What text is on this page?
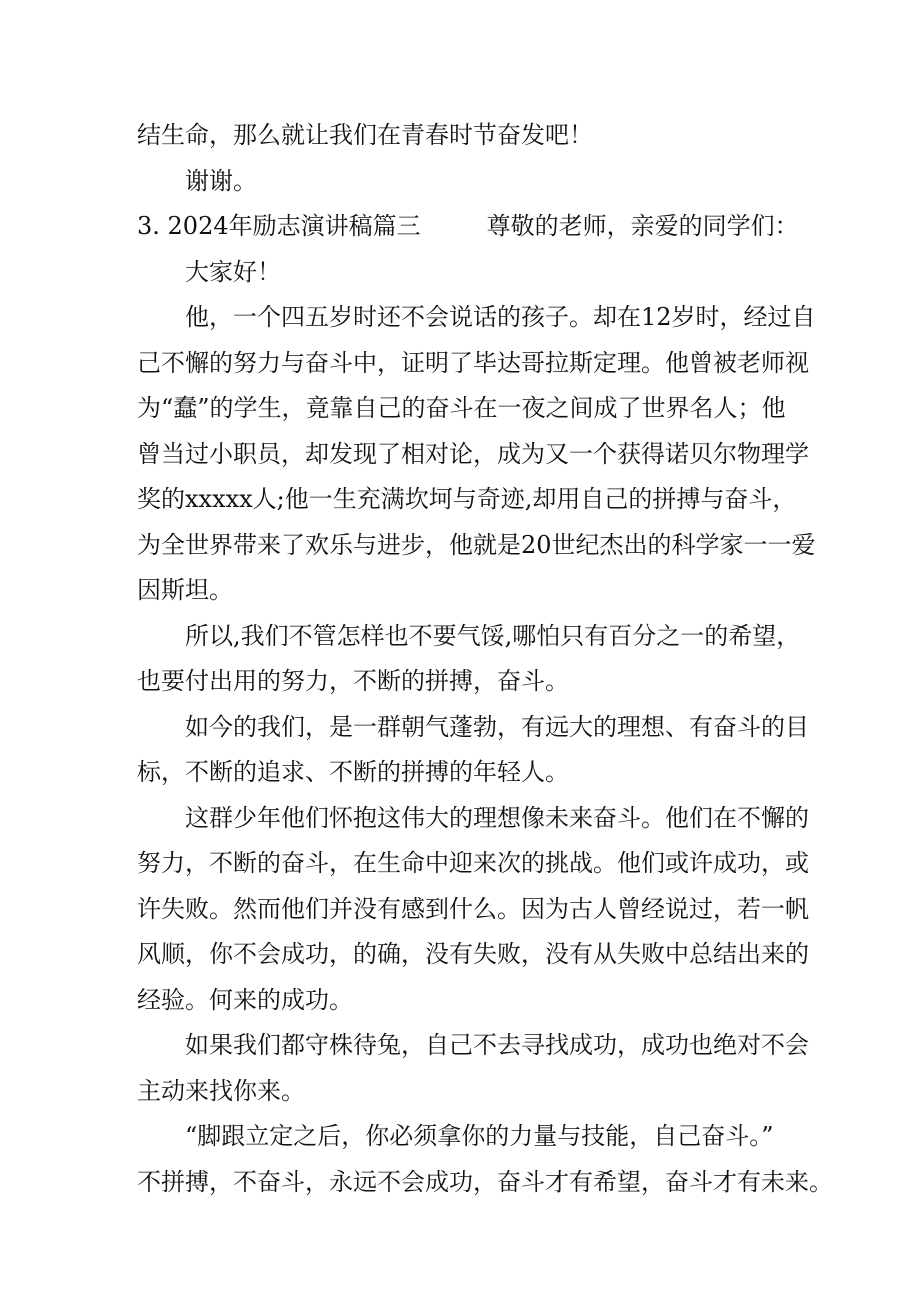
结生命，那么就让我们在青春时节奋发吧！
谢谢。
3. 2024年励志演讲稿篇三	尊敬的老师，亲爱的同学们：
大家好！
他，一个四五岁时还不会说话的孩子。却在12岁时，经过自
己不懈的努力与奋斗中，证明了毕达哥拉斯定理。他曾被老师视
为“蠢”的学生，竟靠自己的奋斗在一夜之间成了世界名人；他
曾当过小职员，却发现了相对论，成为又一个获得诺贝尔物理学
奖的xxxxx人;他一生充满坎坷与奇迹,却用自己的拼搏与奋斗，
为全世界带来了欢乐与进步，他就是20世纪杰出的科学家一一爱
因斯坦。
所以,我们不管怎样也不要气馁,哪怕只有百分之一的希望，
也要付出用的努力，不断的拼搏，奋斗。
如今的我们，是一群朝气蓬勃，有远大的理想、有奋斗的目
标，不断的追求、不断的拼搏的年轻人。
这群少年他们怀抱这伟大的理想像未来奋斗。他们在不懈的
努力，不断的奋斗，在生命中迎来次的挑战。他们或许成功，或
许失败。然而他们并没有感到什么。因为古人曾经说过，若一帆
风顺，你不会成功，的确，没有失败，没有从失败中总结出来的
经验。何来的成功。
如果我们都守株待兔，自己不去寻找成功，成功也绝对不会
主动来找你来。
“脚跟立定之后，你必须拿你的力量与技能，自己奋斗。”
不拼搏，不奋斗，永远不会成功，奋斗才有希望，奋斗才有未来。
